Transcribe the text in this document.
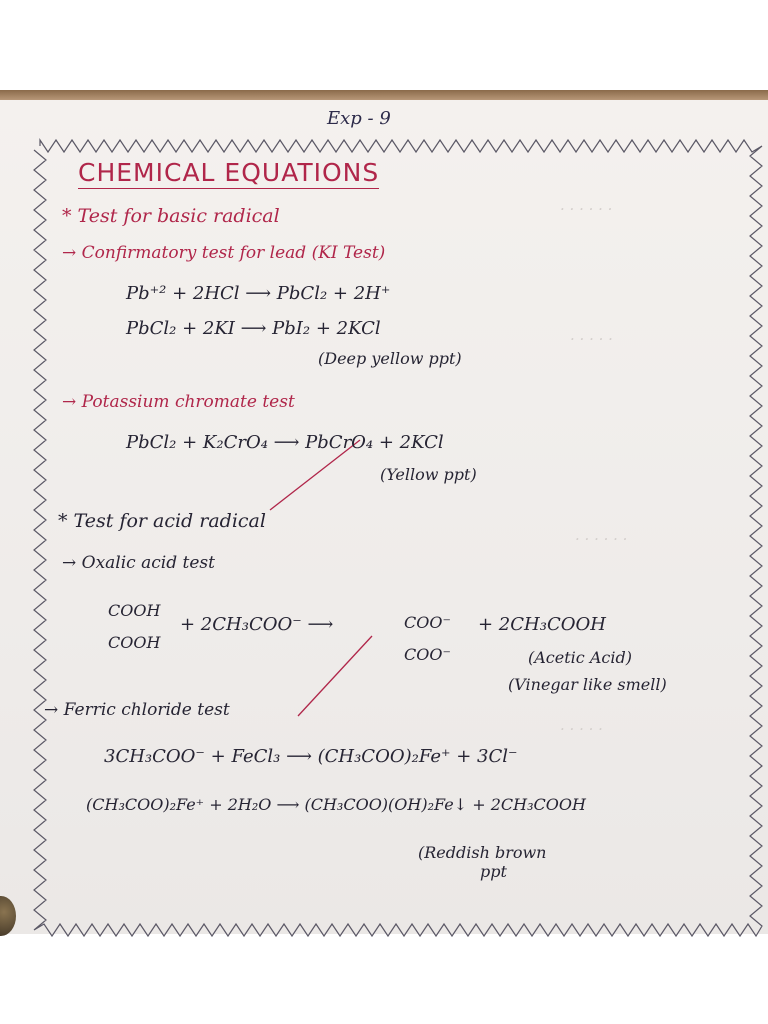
Exp - 9
· · · · · ·
· · · · ·
· · · · · ·
· · · · ·
CHEMICAL EQUATIONS
* Test for basic radical
→ Confirmatory test for lead (KI Test)
Pb⁺² + 2HCl ⟶ PbCl₂ + 2H⁺
PbCl₂ + 2KI ⟶ PbI₂ + 2KCl
(Deep yellow ppt)
→ Potassium chromate test
PbCl₂ + K₂CrO₄ ⟶ PbCrO₄ + 2KCl
(Yellow ppt)
* Test for acid radical
→ Oxalic acid test
COOH
COOH
+ 2CH₃COO⁻ ⟶	COO⁻
COO⁻
+ 2CH₃COOH
(Acetic Acid)
(Vinegar like smell)
→ Ferric chloride test
3CH₃COO⁻ + FeCl₃ ⟶ (CH₃COO)₂Fe⁺ + 3Cl⁻
(CH₃COO)₂Fe⁺ + 2H₂O ⟶ (CH₃COO)(OH)₂Fe↓ + 2CH₃COOH
(Reddish brown
ppt
